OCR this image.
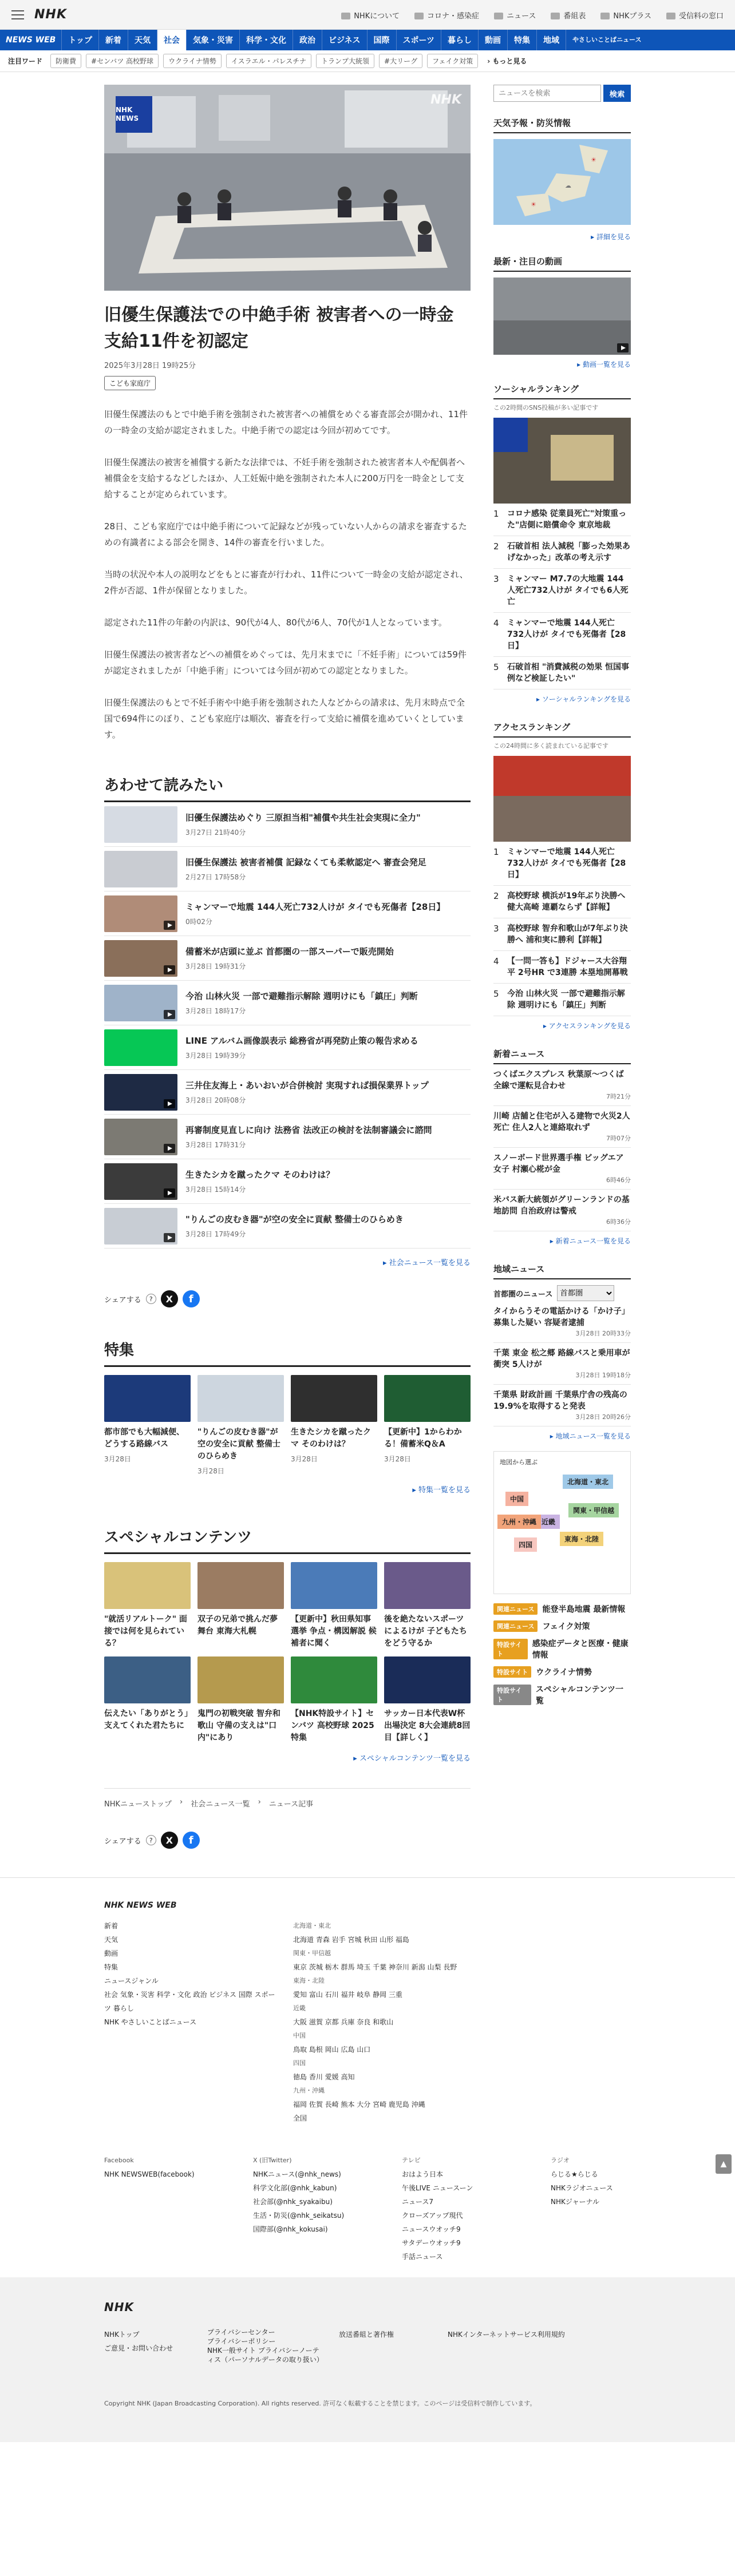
NHK	NHKについて	コロナ・感染症	ニュース	番組表	NHKプラス	受信料の窓口
NEWS WEB	トップ	新着	天気	社会	気象・災害	科学・文化	政治	ビジネス	国際	スポーツ	暮らし	動画	特集	地域	やさしいことばニュース
注目ワード	防衛費	#センバツ 高校野球	ウクライナ情勢	イスラエル・パレスチナ	トランプ大統領	#大リーグ	フェイク対策	› もっと見る
NHK NEWS
NHK
旧優生保護法での中絶手術 被害者への一時金支給11件を初認定
2025年3月28日 19時25分
こども家庭庁

旧優生保護法のもとで中絶手術を強制された被害者への補償をめぐる審査部会が開かれ、11件の一時金の支給が認定されました。中絶手術での認定は今回が初めてです。

旧優生保護法の被害を補償する新たな法律では、不妊手術を強制された被害者本人や配偶者へ補償金を支給するなどしたほか、人工妊娠中絶を強制された本人に200万円を一時金として支給することが定められています。

28日、こども家庭庁では中絶手術について記録などが残っていない人からの請求を審査するための有識者による部会を開き、14件の審査を行いました。

当時の状況や本人の説明などをもとに審査が行われ、11件について一時金の支給が認定され、2件が否認、1件が保留となりました。

認定された11件の年齢の内訳は、90代が4人、80代が6人、70代が1人となっています。

旧優生保護法の被害者などへの補償をめぐっては、先月末までに「不妊手術」については59件が認定されましたが「中絶手術」については今回が初めての認定となりました。

旧優生保護法のもとで不妊手術や中絶手術を強制された人などからの請求は、先月末時点で全国で694件にのぼり、こども家庭庁は順次、審査を行って支給に補償を進めていくとしています。

あわせて読みたい
旧優生保護法めぐり 三原担当相"補償や共生社会実現に全力"
3月27日 21時40分
旧優生保護法 被害者補償 記録なくても柔軟認定へ 審査会発足
2月27日 17時58分
ミャンマーで地震 144人死亡732人けが タイでも死傷者【28日】
0時02分
備蓄米が店頭に並ぶ 首都圏の一部スーパーで販売開始
3月28日 19時31分
今治 山林火災 一部で避難指示解除 週明けにも「鎮圧」判断
3月28日 18時17分
LINE アルバム画像誤表示 総務省が再発防止策の報告求める
3月28日 19時39分
三井住友海上・あいおいが合併検討 実現すれば損保業界トップ
3月28日 20時08分
再審制度見直しに向け 法務省 法改正の検討を法制審議会に諮問
3月28日 17時31分
生きたシカを蹴ったクマ そのわけは？
3月28日 15時14分
"りんごの皮むき器"が空の安全に貢献 整備士のひらめき
3月28日 17時49分
▸ 社会ニュース一覧を見る
シェアする	?	X	f
特集
都市部でも大幅減便、どうする路線バス
3月28日
"りんごの皮むき器"が空の安全に貢献 整備士のひらめき
3月28日
生きたシカを蹴ったクマ そのわけは？
3月28日
【更新中】1からわかる！備蓄米Q＆A
3月28日
▸ 特集一覧を見る
スペシャルコンテンツ
"就活リアルトーク" 面接では何を見られている？
双子の兄弟で挑んだ夢舞台 東海大札幌
【更新中】秋田県知事選挙 争点・構図解説 候補者に聞く
後を絶たないスポーツによるけが 子どもたちをどう守るか
伝えたい「ありがとう」支えてくれた君たちに
鬼門の初戦突破 智弁和歌山 守備の支えは"口内"にあり
【NHK特設サイト】センバツ 高校野球 2025 特集
サッカー日本代表W杯出場決定 8大会連続8回目【詳しく】
▸ スペシャルコンテンツ一覧を見る
NHKニューストップ › 社会ニュース一覧 › ニュース記事
シェアする	?	X	f
ニュースを検索
検索
天気予報・防災情報
☀
☁
☀
▸ 詳細を見る
最新・注目の動画
▸ 動画一覧を見る
ソーシャルランキング
この2時間のSNS投稿が多い記事です
1	コロナ感染 従業員死亡"対策重った"店側に賠償命令 東京地裁
2	石破首相 法人減税「膨った効果あげなかった」改革の考え示す
3	ミャンマー M7.7の大地震 144人死亡732人けが タイでも6人死亡
4	ミャンマーで地震 144人死亡732人けが タイでも死傷者【28日】
5	石破首相 "消費減税の効果 恒国事例など検証したい"
▸ ソーシャルランキングを見る
アクセスランキング
この24時間に多く読まれている記事です
1	ミャンマーで地震 144人死亡732人けが タイでも死傷者【28日】
2	高校野球 横浜が19年ぶり決勝へ 健大高崎 連覇ならず【詳報】
3	高校野球 智弁和歌山が7年ぶり決勝へ 浦和実に勝利【詳報】
4	【一問一答も】ドジャース大谷翔平 2号HR で3連勝 本塁地開幕戦
5	今治 山林火災 一部で避難指示解除 週明けにも「鎮圧」判断
▸ アクセスランキングを見る
新着ニュース
つくばエクスプレス 秋葉原～つくば 全線で運転見合わせ
7時21分
川崎 店舗と住宅が入る建物で火災2人死亡 住人2人と連絡取れず
7時07分
スノーボード世界選手権 ビッグエア女子 村瀬心椛が金
6時46分
米バス新大統領がグリーンランドの基地訪問 自治政府は警戒
6時36分
▸ 新着ニュース一覧を見る
地域ニュース
首都圏のニュース
首都圏
タイからうその電話かける「かけ子」募集した疑い 容疑者逮捕
3月28日 20時33分
千葉 東金 松之郷 路線バスと乗用車が衝突 5人けが
3月28日 19時18分
千葉県 財政計画 千葉県庁舎の残高の19.9%を取得すると発表
3月28日 20時26分
▸ 地域ニュース一覧を見る
地図から選ぶ
北海道・東北
関東・甲信越
東海・北陸
近畿
中国
四国
九州・沖縄
関連ニュース	能登半島地震 最新情報
関連ニュース	フェイク対策
特設サイト
感染症データと医療・健康情報
特設サイト	ウクライナ情勢
特設サイト
スペシャルコンテンツ一覧
▲
NHK NEWS WEB
新着
天気
動画
特集
ニュースジャンル
社会 気象・災害 科学・文化 政治 ビジネス 国際 スポーツ 暮らし
NHK やさしいことばニュース
北海道・東北
北海道 青森 岩手 宮城 秋田 山形 福島
関東・甲信越
東京 茨城 栃木 群馬 埼玉 千葉 神奈川 新潟 山梨 長野
東海・北陸
愛知 富山 石川 福井 岐阜 静岡 三重
近畿
大阪 滋賀 京都 兵庫 奈良 和歌山
中国
鳥取 島根 岡山 広島 山口
四国
徳島 香川 愛媛 高知
九州・沖縄
福岡 佐賀 長崎 熊本 大分 宮崎 鹿児島 沖縄
全国
Facebook
NHK NEWSWEB(facebook)
X (旧Twitter)
NHKニュース(@nhk_news)
科学文化部(@nhk_kabun)
社会部(@nhk_syakaibu)
生活・防災(@nhk_seikatsu)
国際部(@nhk_kokusai)
テレビ
おはよう日本
午後LIVE ニュースーン
ニュース7
クローズアップ現代
ニュースウオッチ9
サタデーウオッチ9
手話ニュース
ラジオ
らじる★らじる
NHKラジオニュース
NHKジャーナル
NHK
NHKトップ
ご意見・お問い合わせ
プライバシーセンター
プライバシーポリシー
NHK一般サイト プライバシーノーティス（パーソナルデータの取り扱い）
放送番組と著作権	NHKインターネットサービス利用規約
Copyright NHK (Japan Broadcasting Corporation). All rights reserved. 許可なく転載することを禁じます。このページは受信料で制作しています。
